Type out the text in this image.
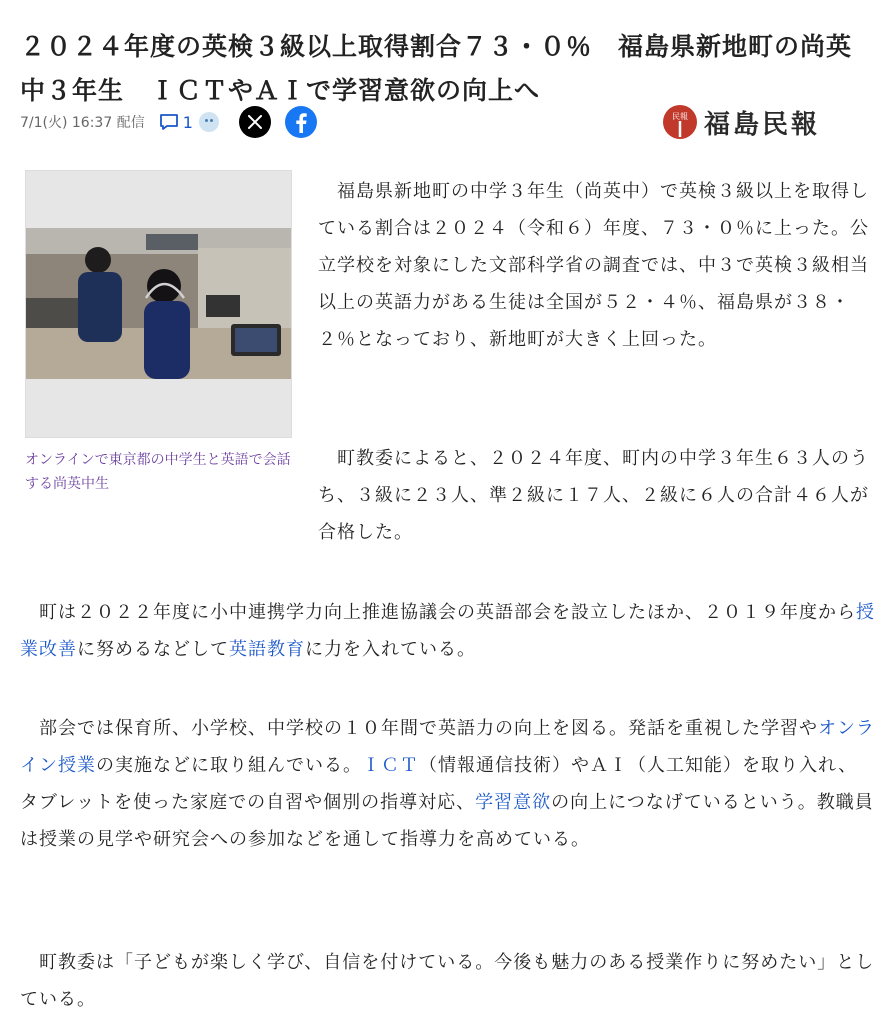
２０２４年度の英検３級以上取得割合７３・０％　福島県新地町の尚英中３年生　ＩＣＴやＡＩで学習意欲の向上へ
7/1(火) 16:37 配信 1	民報 福島民報
オンラインで東京都の中学生と英語で会話する尚英中生

　福島県新地町の中学３年生（尚英中）で英検３級以上を取得している割合は２０２４（令和６）年度、７３・０％に上った。公立学校を対象にした文部科学省の調査では、中３で英検３級相当以上の英語力がある生徒は全国が５２・４％、福島県が３８・２％となっており、新地町が大きく上回った。

　町教委によると、２０２４年度、町内の中学３年生６３人のうち、３級に２３人、準２級に１７人、２級に６人の合計４６人が合格した。

　町は２０２２年度に小中連携学力向上推進協議会の英語部会を設立したほか、２０１９年度から授業改善に努めるなどして英語教育に力を入れている。

　部会では保育所、小学校、中学校の１０年間で英語力の向上を図る。発話を重視した学習やオンライン授業の実施などに取り組んでいる。ＩＣＴ（情報通信技術）やＡＩ（人工知能）を取り入れ、タブレットを使った家庭での自習や個別の指導対応、学習意欲の向上につなげているという。教職員は授業の見学や研究会への参加などを通して指導力を高めている。

　町教委は「子どもが楽しく学び、自信を付けている。今後も魅力のある授業作りに努めたい」としている。
